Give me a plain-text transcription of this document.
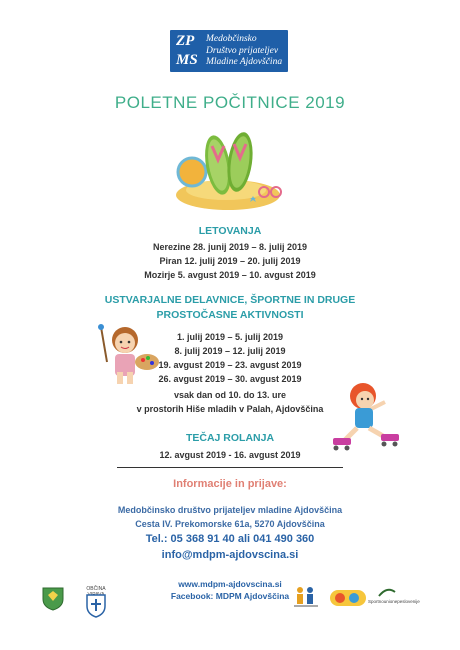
ZP
MS
Medobčinsko
Društvo prijateljev
Mladine Ajdovščina
POLETNE POČITNICE 2019
LETOVANJA
Nerezine 28. junij 2019 – 8. julij 2019
Piran 12. julij 2019 – 20. julij 2019
Mozirje 5. avgust 2019 – 10. avgust 2019
USTVARJALNE DELAVNICE, ŠPORTNE IN DRUGE
PROSTOČASNE AKTIVNOSTI
1. julij 2019 – 5. julij 2019
8. julij 2019 – 12. julij 2019
19. avgust 2019 – 23. avgust 2019
26. avgust 2019 – 30. avgust 2019
vsak dan od 10. do 13. ure
v prostorih Hiše mladih v Palah, Ajdovščina
TEČAJ ROLANJA
12. avgust 2019 - 16. avgust 2019
Informacije in prijave:
Medobčinsko društvo prijateljev mladine Ajdovščina
Cesta IV. Prekomorske 61a, 5270 Ajdovščina
Tel.: 05 368 91 40 ali 041 490 360
info@mdpm-ajdovscina.si
www.mdpm-ajdovscina.si
Facebook: MDPM Ajdovščina
OBČINA
Sportnounionepeslovenije
